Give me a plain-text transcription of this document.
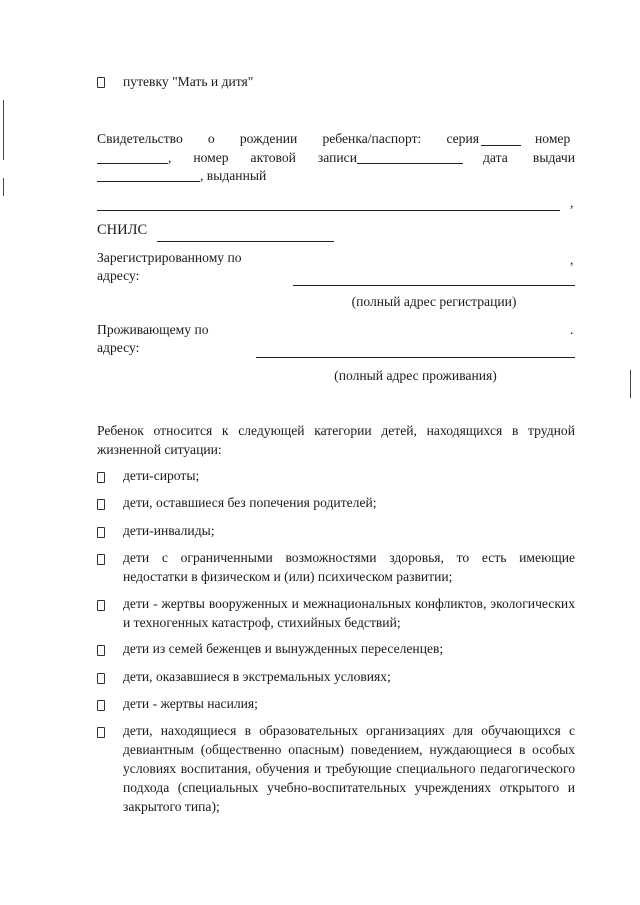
путевку "Мать и дитя"
Свидетельство о рождении ребенка/паспорт: серия	номер
, номер актовой записи	дата выдачи
, выданный
,
СНИЛС
Зарегистрированному по
адресу:
,
(полный адрес регистрации)
Проживающему по
адресу:
.
(полный адрес проживания)
Ребенок относится к следующей категории детей, находящихся в трудной жизненной ситуации:
дети-сироты;
дети, оставшиеся без попечения родителей;
дети-инвалиды;
дети с ограниченными возможностями здоровья, то есть имеющие недостатки в физическом и (или) психическом развитии;
дети - жертвы вооруженных и межнациональных конфликтов, экологических и техногенных катастроф, стихийных бедствий;
дети из семей беженцев и вынужденных переселенцев;
дети, оказавшиеся в экстремальных условиях;
дети - жертвы насилия;
дети, находящиеся в образовательных организациях для обучающихся с девиантным (общественно опасным) поведением, нуждающиеся в особых условиях воспитания, обучения и требующие специального педагогического подхода (специальных учебно-воспитательных учреждениях открытого и закрытого типа);
